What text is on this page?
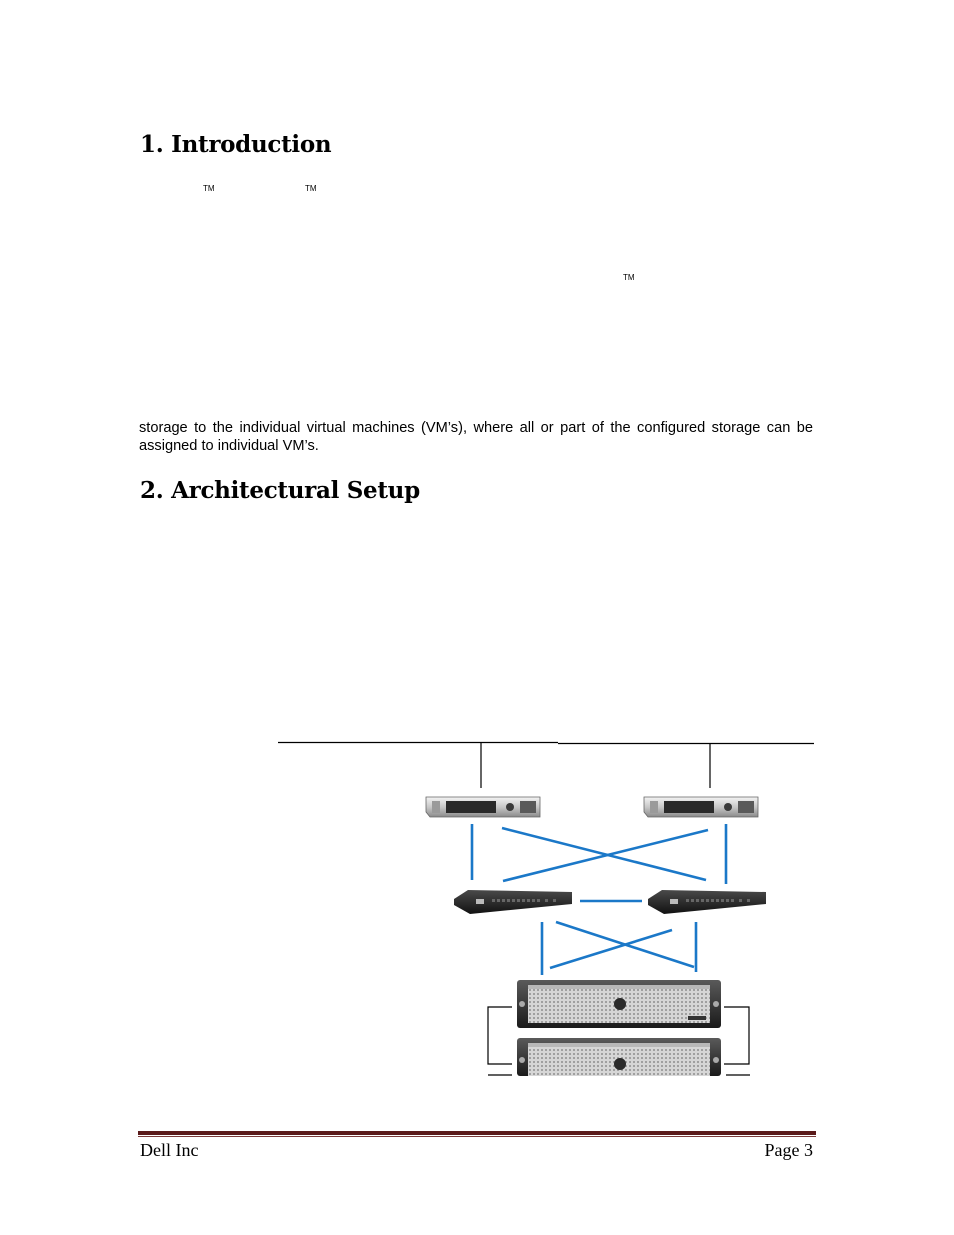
1. Introduction
TM	TM
TM

storage to the individual virtual machines (VM’s), where all or part of the configured storage can be assigned to individual VM’s.

2. Architectural Setup
Dell Inc	Page 3
